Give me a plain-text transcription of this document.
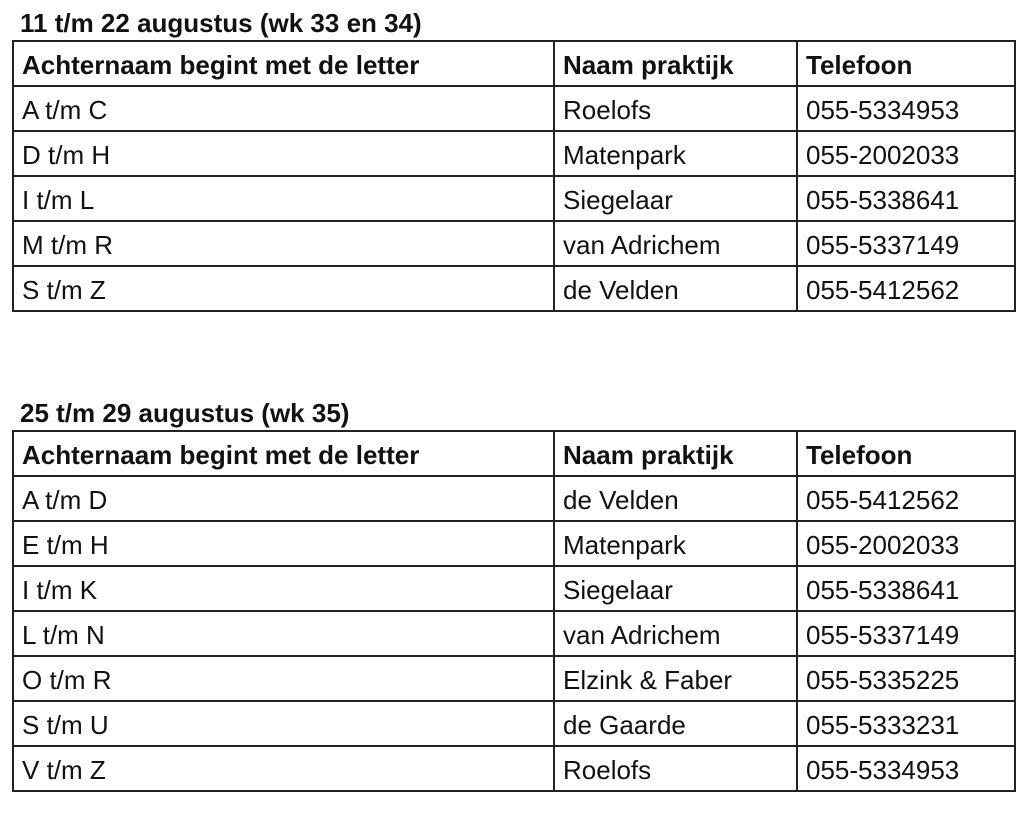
11 t/m 22 augustus (wk 33 en 34)
Achternaam begint met de letter	Naam praktijk	Telefoon
A t/m C	Roelofs	055-5334953
D t/m H	Matenpark	055-2002033
I t/m L	Siegelaar	055-5338641
M t/m R	van Adrichem	055-5337149
S t/m Z	de Velden	055-5412562
25 t/m 29 augustus (wk 35)
Achternaam begint met de letter	Naam praktijk	Telefoon
A t/m D	de Velden	055-5412562
E t/m H	Matenpark	055-2002033
I t/m K	Siegelaar	055-5338641
L t/m N	van Adrichem	055-5337149
O t/m R	Elzink & Faber	055-5335225
S t/m U	de Gaarde	055-5333231
V t/m Z	Roelofs	055-5334953
